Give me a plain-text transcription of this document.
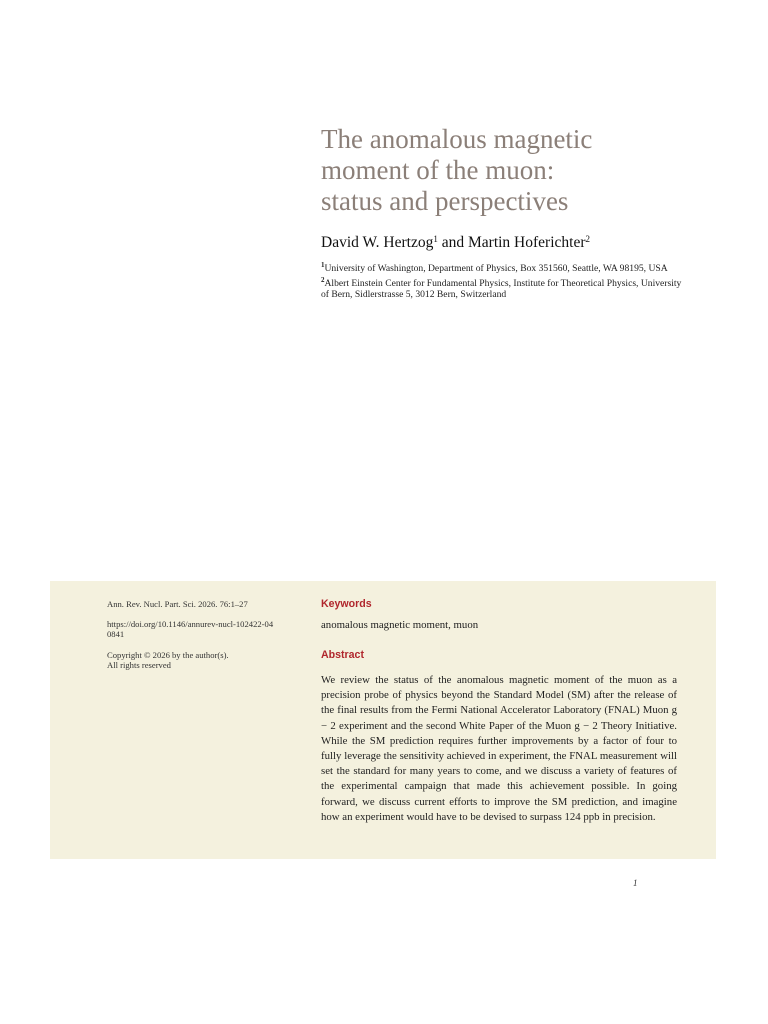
The anomalous magnetic
moment of the muon:
status and perspectives
David W. Hertzog$^1$ and Martin Hoferichter$^2$

$^1$University of Washington, Department of Physics, Box 351560, Seattle, WA 98195, USA

$^2$Albert Einstein Center for Fundamental Physics, Institute for Theoretical Physics, University of Bern, Sidlerstrasse 5, 3012 Bern, Switzerland

Ann. Rev. Nucl. Part. Sci. 2026. 76:1–27

https://doi.org/10.1146/annurev-nucl-102422-040841

Copyright © 2026 by the author(s).

All rights reserved

Keywords
anomalous magnetic moment, muon
Abstract

We review the status of the anomalous magnetic moment of the muon as a precision probe of physics beyond the Standard Model (SM) after the release of the final results from the Fermi National Accelerator Laboratory (FNAL) Muon g − 2 experiment and the second White Paper of the Muon g − 2 Theory Initiative. While the SM prediction requires further improvements by a factor of four to fully leverage the sensitivity achieved in experiment, the FNAL measurement will set the standard for many years to come, and we discuss a variety of features of the experimental campaign that made this achievement possible. In going forward, we discuss current efforts to improve the SM prediction, and imagine how an experiment would have to be devised to surpass 124 ppb in precision.

1
